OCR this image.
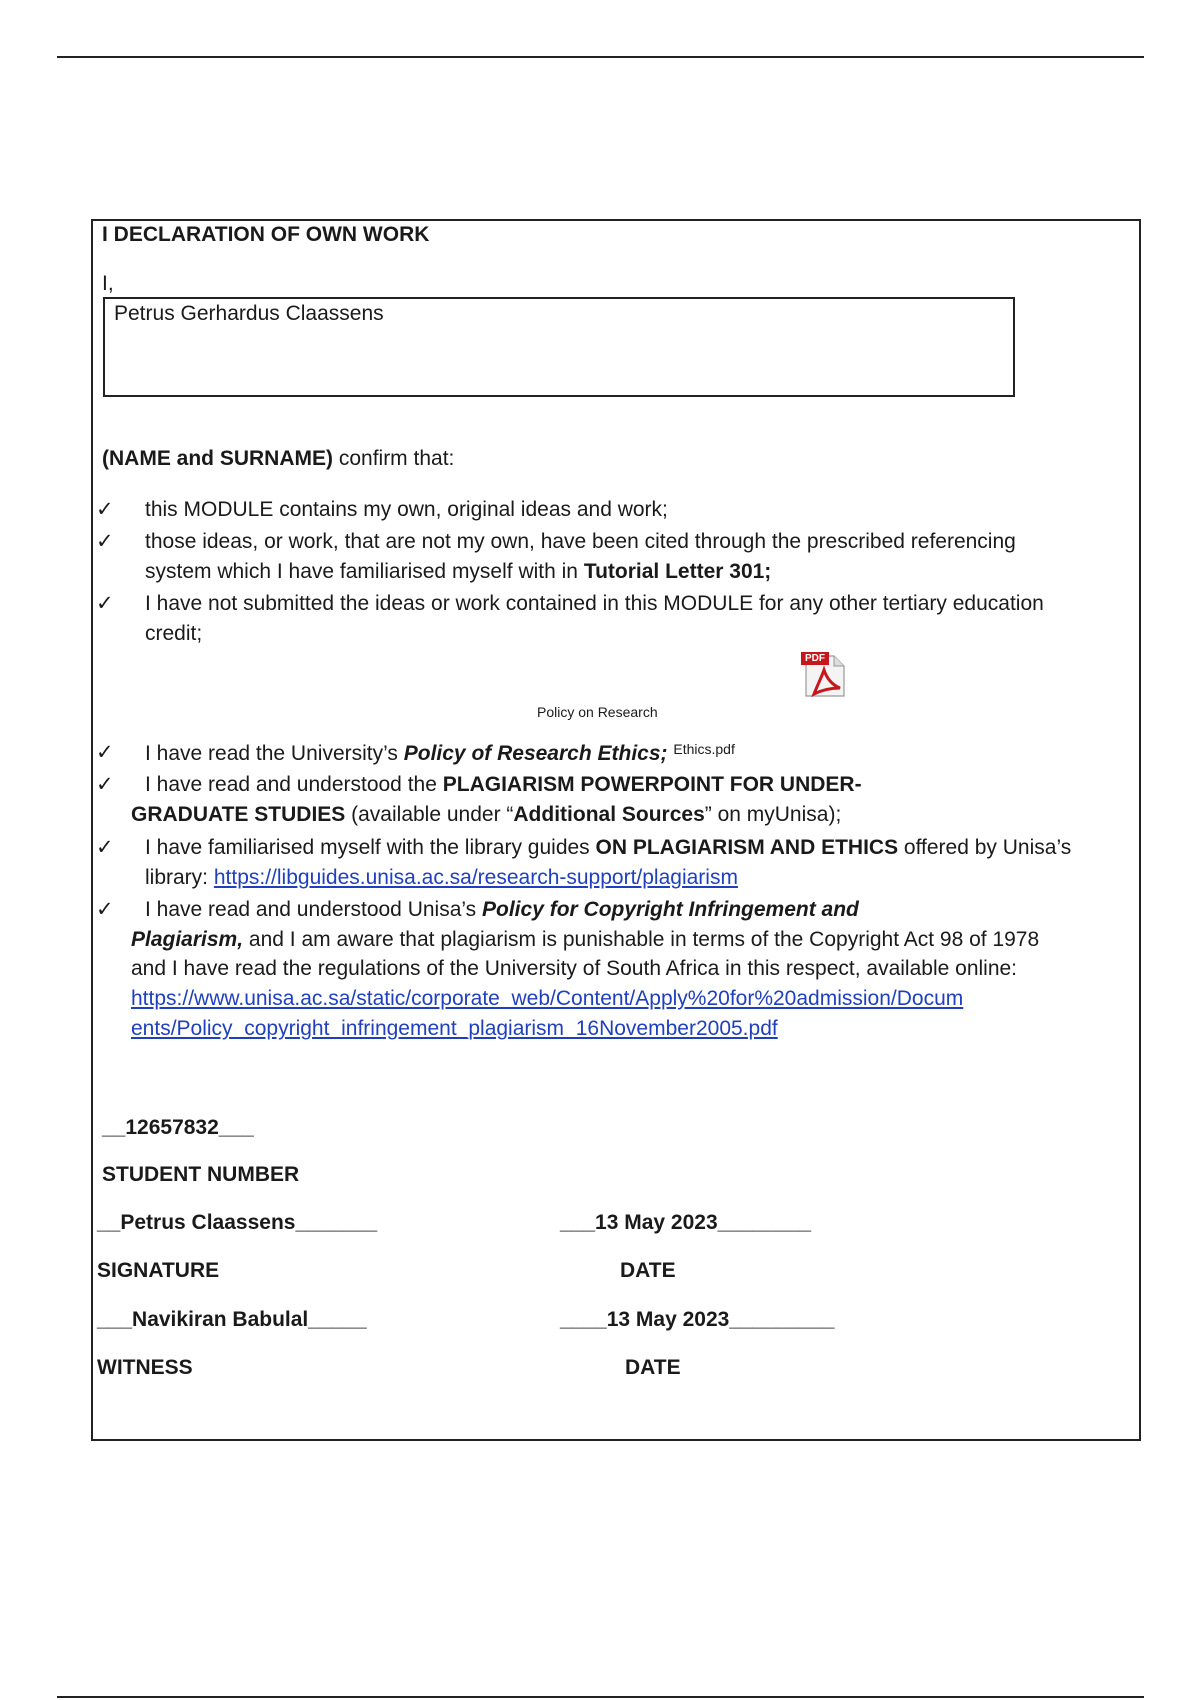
I DECLARATION OF OWN WORK
I,
Petrus Gerhardus Claassens
(NAME and SURNAME) confirm that:
✓ this MODULE contains my own, original ideas and work;
✓ those ideas, or work, that are not my own, have been cited through the prescribed referencing
system which I have familiarised myself with in Tutorial Letter 301;
✓ I have not submitted the ideas or work contained in this MODULE for any other tertiary education
credit;
PDF
Policy on Research
✓ I have read the University’s Policy of Research Ethics; $^{Ethics.pdf}$
✓ I have read and understood the PLAGIARISM POWERPOINT FOR UNDER-
GRADUATE STUDIES (available under “Additional Sources” on myUnisa);
✓ I have familiarised myself with the library guides ON PLAGIARISM AND ETHICS offered by Unisa’s
library: https://libguides.unisa.ac.sa/research-support/plagiarism
✓ I have read and understood Unisa’s Policy for Copyright Infringement and
Plagiarism, and I am aware that plagiarism is punishable in terms of the Copyright Act 98 of 1978
and I have read the regulations of the University of South Africa in this respect, available online:
https://www.unisa.ac.sa/static/corporate_web/Content/Apply%20for%20admission/Docum
ents/Policy_copyright_infringement_plagiarism_16November2005.pdf
__12657832___
STUDENT NUMBER
__Petrus Claassens_______	___13 May 2023________
SIGNATURE	DATE
___Navikiran Babulal_____	____13 May 2023_________
WITNESS	DATE
